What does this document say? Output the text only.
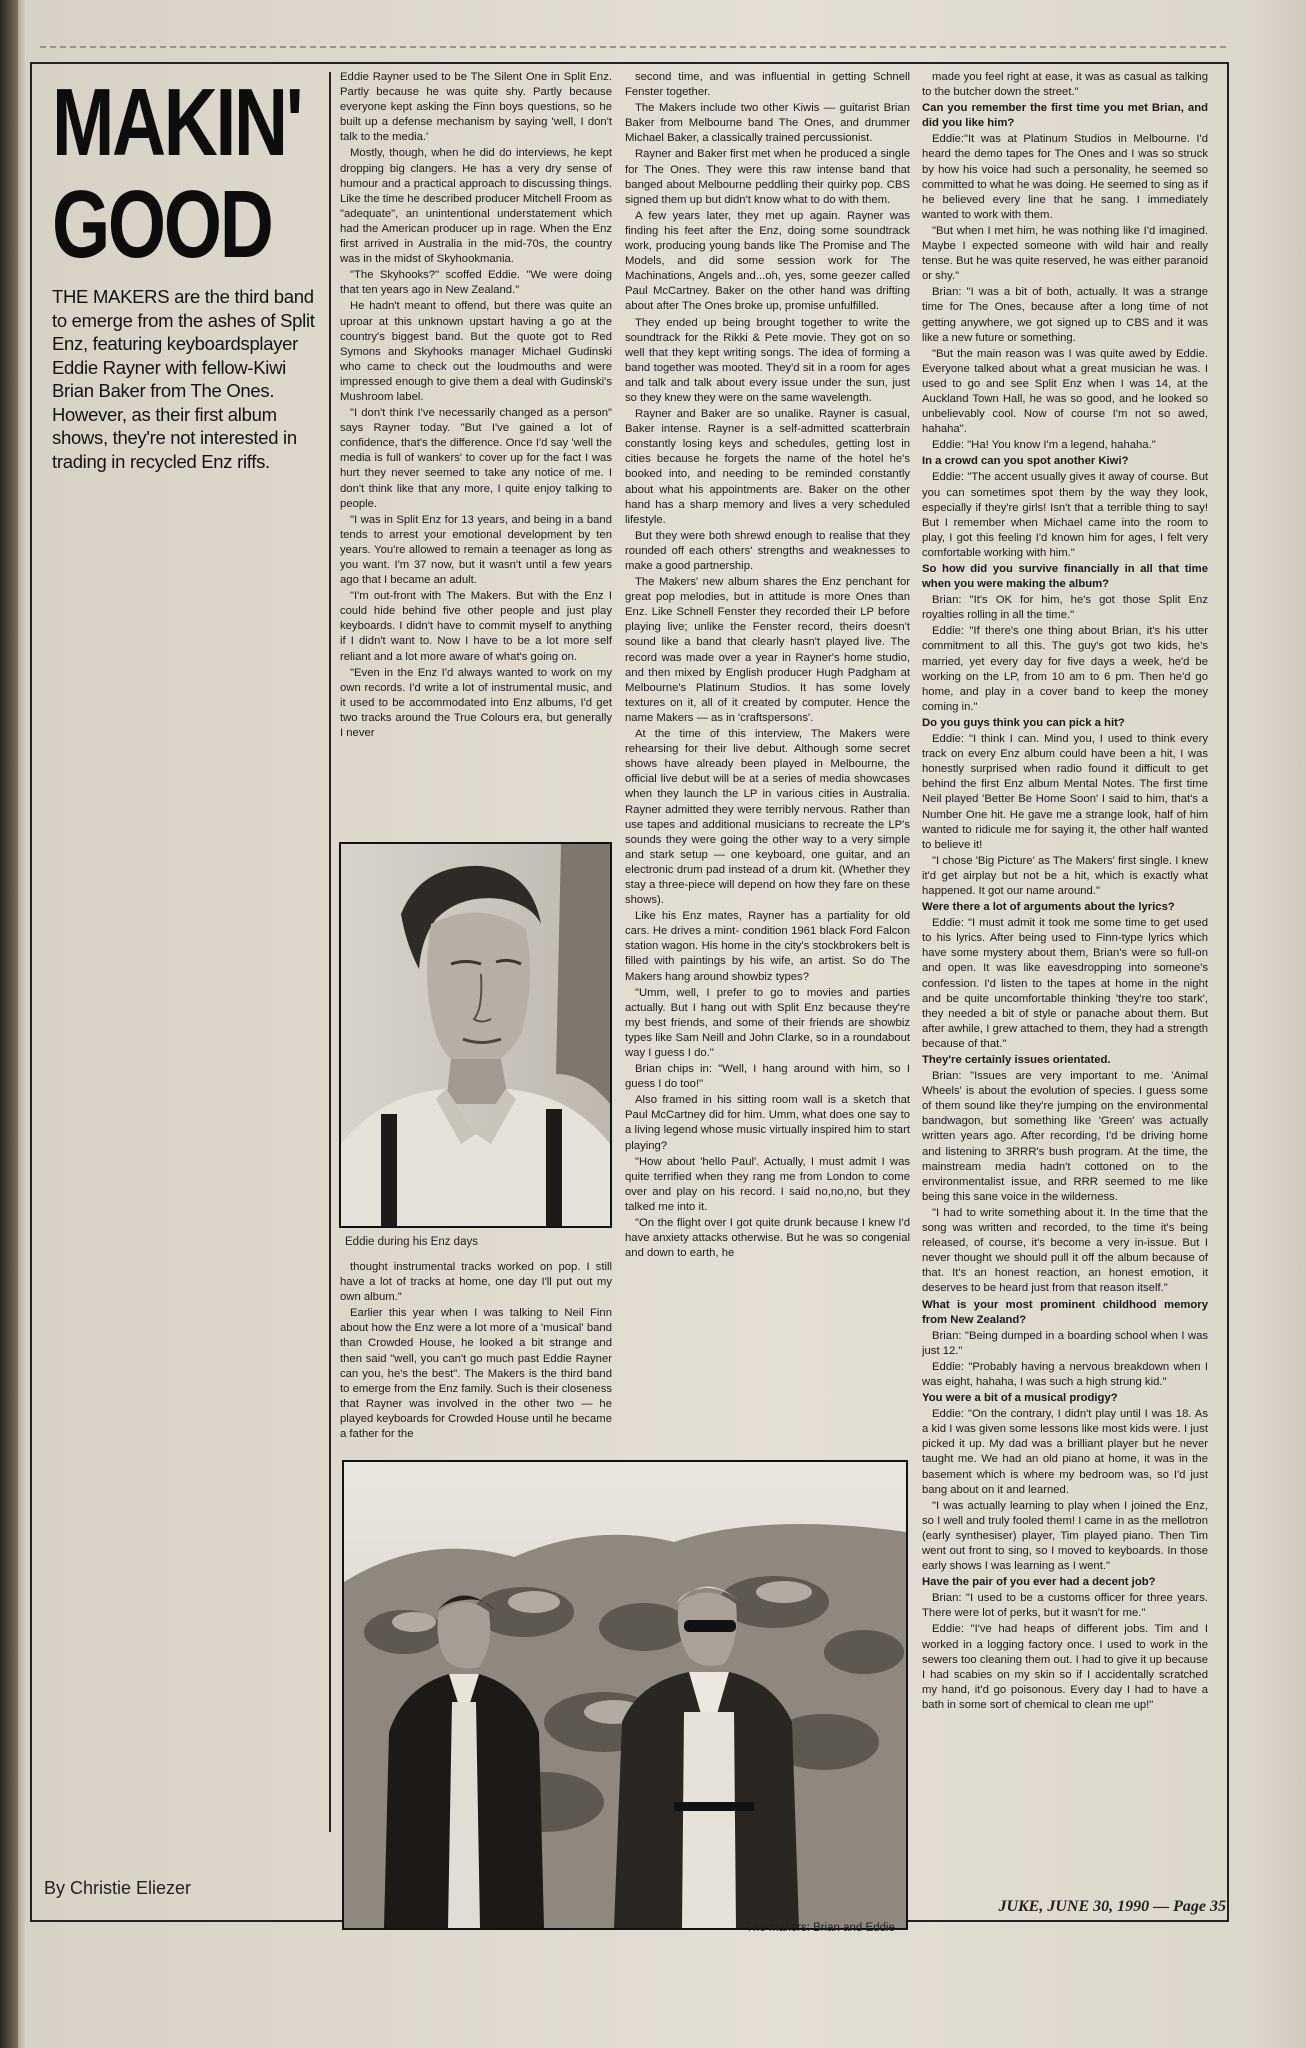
MAKIN' GOOD
THE MAKERS are the third band to emerge from the ashes of Split Enz, featuring keyboardsplayer Eddie Rayner with fellow-Kiwi Brian Baker from The Ones. However, as their first album shows, they're not interested in trading in recycled Enz riffs.
By Christie Eliezer

Eddie Rayner used to be The Silent One in Split Enz. Partly because he was quite shy. Partly because everyone kept asking the Finn boys questions, so he built up a defense mechanism by saying 'well, I don't talk to the media.'

Mostly, though, when he did do interviews, he kept dropping big clangers. He has a very dry sense of humour and a practical approach to discussing things. Like the time he described producer Mitchell Froom as "adequate", an unintentional understatement which had the American producer up in rage. When the Enz first arrived in Australia in the mid-70s, the country was in the midst of Skyhookmania.

"The Skyhooks?" scoffed Eddie. "We were doing that ten years ago in New Zealand."

He hadn't meant to offend, but there was quite an uproar at this unknown upstart having a go at the country's biggest band. But the quote got to Red Symons and Skyhooks manager Michael Gudinski who came to check out the loudmouths and were impressed enough to give them a deal with Gudinski's Mushroom label.

"I don't think I've necessarily changed as a person" says Rayner today. "But I've gained a lot of confidence, that's the difference. Once I'd say 'well the media is full of wankers' to cover up for the fact I was hurt they never seemed to take any notice of me. I don't think like that any more, I quite enjoy talking to people.

"I was in Split Enz for 13 years, and being in a band tends to arrest your emotional development by ten years. You're allowed to remain a teenager as long as you want. I'm 37 now, but it wasn't until a few years ago that I became an adult.

"I'm out-front with The Makers. But with the Enz I could hide behind five other people and just play keyboards. I didn't have to commit myself to anything if I didn't want to. Now I have to be a lot more self reliant and a lot more aware of what's going on.

"Even in the Enz I'd always wanted to work on my own records. I'd write a lot of instrumental music, and it used to be accommodated into Enz albums, I'd get two tracks around the True Colours era, but generally I never

Eddie during his Enz days

thought instrumental tracks worked on pop. I still have a lot of tracks at home, one day I'll put out my own album."

Earlier this year when I was talking to Neil Finn about how the Enz were a lot more of a 'musical' band than Crowded House, he looked a bit strange and then said "well, you can't go much past Eddie Rayner can you, he's the best". The Makers is the third band to emerge from the Enz family. Such is their closeness that Rayner was involved in the other two — he played keyboards for Crowded House until he became a father for the

second time, and was influential in getting Schnell Fenster together.

The Makers include two other Kiwis — guitarist Brian Baker from Melbourne band The Ones, and drummer Michael Baker, a classically trained percussionist.

Rayner and Baker first met when he produced a single for The Ones. They were this raw intense band that banged about Melbourne peddling their quirky pop. CBS signed them up but didn't know what to do with them.

A few years later, they met up again. Rayner was finding his feet after the Enz, doing some soundtrack work, producing young bands like The Promise and The Models, and did some session work for The Machinations, Angels and...oh, yes, some geezer called Paul McCartney. Baker on the other hand was drifting about after The Ones broke up, promise unfulfilled.

They ended up being brought together to write the soundtrack for the Rikki & Pete movie. They got on so well that they kept writing songs. The idea of forming a band together was mooted. They'd sit in a room for ages and talk and talk about every issue under the sun, just so they knew they were on the same wavelength.

Rayner and Baker are so unalike. Rayner is casual, Baker intense. Rayner is a self-admitted scatterbrain constantly losing keys and schedules, getting lost in cities because he forgets the name of the hotel he's booked into, and needing to be reminded constantly about what his appointments are. Baker on the other hand has a sharp memory and lives a very scheduled lifestyle.

But they were both shrewd enough to realise that they rounded off each others' strengths and weaknesses to make a good partnership.

The Makers' new album shares the Enz penchant for great pop melodies, but in attitude is more Ones than Enz. Like Schnell Fenster they recorded their LP before playing live; unlike the Fenster record, theirs doesn't sound like a band that clearly hasn't played live. The record was made over a year in Rayner's home studio, and then mixed by English producer Hugh Padgham at Melbourne's Platinum Studios. It has some lovely textures on it, all of it created by computer. Hence the name Makers — as in 'craftspersons'.

At the time of this interview, The Makers were rehearsing for their live debut. Although some secret shows have already been played in Melbourne, the official live debut will be at a series of media showcases when they launch the LP in various cities in Australia. Rayner admitted they were terribly nervous. Rather than use tapes and additional musicians to recreate the LP's sounds they were going the other way to a very simple and stark setup — one keyboard, one guitar, and an electronic drum pad instead of a drum kit. (Whether they stay a three-piece will depend on how they fare on these shows).

Like his Enz mates, Rayner has a partiality for old cars. He drives a mint- condition 1961 black Ford Falcon station wagon. His home in the city's stockbrokers belt is filled with paintings by his wife, an artist. So do The Makers hang around showbiz types?

"Umm, well, I prefer to go to movies and parties actually. But I hang out with Split Enz because they're my best friends, and some of their friends are showbiz types like Sam Neill and John Clarke, so in a roundabout way I guess I do."

Brian chips in: "Well, I hang around with him, so I guess I do too!"

Also framed in his sitting room wall is a sketch that Paul McCartney did for him. Umm, what does one say to a living legend whose music virtually inspired him to start playing?

"How about 'hello Paul'. Actually, I must admit I was quite terrified when they rang me from London to come over and play on his record. I said no,no,no, but they talked me into it.

"On the flight over I got quite drunk because I knew I'd have anxiety attacks otherwise. But he was so congenial and down to earth, he

made you feel right at ease, it was as casual as talking to the butcher down the street."

Can you remember the first time you met Brian, and did you like him?

Eddie:"It was at Platinum Studios in Melbourne. I'd heard the demo tapes for The Ones and I was so struck by how his voice had such a personality, he seemed so committed to what he was doing. He seemed to sing as if he believed every line that he sang. I immediately wanted to work with them.

"But when I met him, he was nothing like I'd imagined. Maybe I expected someone with wild hair and really tense. But he was quite reserved, he was either paranoid or shy."

Brian: "I was a bit of both, actually. It was a strange time for The Ones, because after a long time of not getting anywhere, we got signed up to CBS and it was like a new future or something.

"But the main reason was I was quite awed by Eddie. Everyone talked about what a great musician he was. I used to go and see Split Enz when I was 14, at the Auckland Town Hall, he was so good, and he looked so unbelievably cool. Now of course I'm not so awed, hahaha".

Eddie: "Ha! You know I'm a legend, hahaha."

In a crowd can you spot another Kiwi?

Eddie: "The accent usually gives it away of course. But you can sometimes spot them by the way they look, especially if they're girls! Isn't that a terrible thing to say! But I remember when Michael came into the room to play, I got this feeling I'd known him for ages, I felt very comfortable working with him."

So how did you survive financially in all that time when you were making the album?

Brian: "It's OK for him, he's got those Split Enz royalties rolling in all the time."

Eddie: "If there's one thing about Brian, it's his utter commitment to all this. The guy's got two kids, he's married, yet every day for five days a week, he'd be working on the LP, from 10 am to 6 pm. Then he'd go home, and play in a cover band to keep the money coming in."

Do you guys think you can pick a hit?

Eddie: "I think I can. Mind you, I used to think every track on every Enz album could have been a hit, I was honestly surprised when radio found it difficult to get behind the first Enz album Mental Notes. The first time Neil played 'Better Be Home Soon' I said to him, that's a Number One hit. He gave me a strange look, half of him wanted to ridicule me for saying it, the other half wanted to believe it!

"I chose 'Big Picture' as The Makers' first single. I knew it'd get airplay but not be a hit, which is exactly what happened. It got our name around."

Were there a lot of arguments about the lyrics?

Eddie: "I must admit it took me some time to get used to his lyrics. After being used to Finn-type lyrics which have some mystery about them, Brian's were so full-on and open. It was like eavesdropping into someone's confession. I'd listen to the tapes at home in the night and be quite uncomfortable thinking 'they're too stark', they needed a bit of style or panache about them. But after awhile, I grew attached to them, they had a strength because of that."

They're certainly issues orientated.

Brian: "Issues are very important to me. 'Animal Wheels' is about the evolution of species. I guess some of them sound like they're jumping on the environmental bandwagon, but something like 'Green' was actually written years ago. After recording, I'd be driving home and listening to 3RRR's bush program. At the time, the mainstream media hadn't cottoned on to the environmentalist issue, and RRR seemed to me like being this sane voice in the wilderness.

"I had to write something about it. In the time that the song was written and recorded, to the time it's being released, of course, it's become a very in-issue. But I never thought we should pull it off the album because of that. It's an honest reaction, an honest emotion, it deserves to be heard just from that reason itself."

What is your most prominent childhood memory from New Zealand?

Brian: "Being dumped in a boarding school when I was just 12."

Eddie: "Probably having a nervous breakdown when I was eight, hahaha, I was such a high strung kid."

You were a bit of a musical prodigy?

Eddie: "On the contrary, I didn't play until I was 18. As a kid I was given some lessons like most kids were. I just picked it up. My dad was a brilliant player but he never taught me. We had an old piano at home, it was in the basement which is where my bedroom was, so I'd just bang about on it and learned.

"I was actually learning to play when I joined the Enz, so I well and truly fooled them! I came in as the mellotron (early synthesiser) player, Tim played piano. Then Tim went out front to sing, so I moved to keyboards. In those early shows I was learning as I went."

Have the pair of you ever had a decent job?

Brian: "I used to be a customs officer for three years. There were lot of perks, but it wasn't for me."

Eddie: "I've had heaps of different jobs. Tim and I worked in a logging factory once. I used to work in the sewers too cleaning them out. I had to give it up because I had scabies on my skin so if I accidentally scratched my hand, it'd go poisonous. Every day I had to have a bath in some sort of chemical to clean me up!"

The makers: Brian and Eddie
JUKE, JUNE 30, 1990 — Page 35
